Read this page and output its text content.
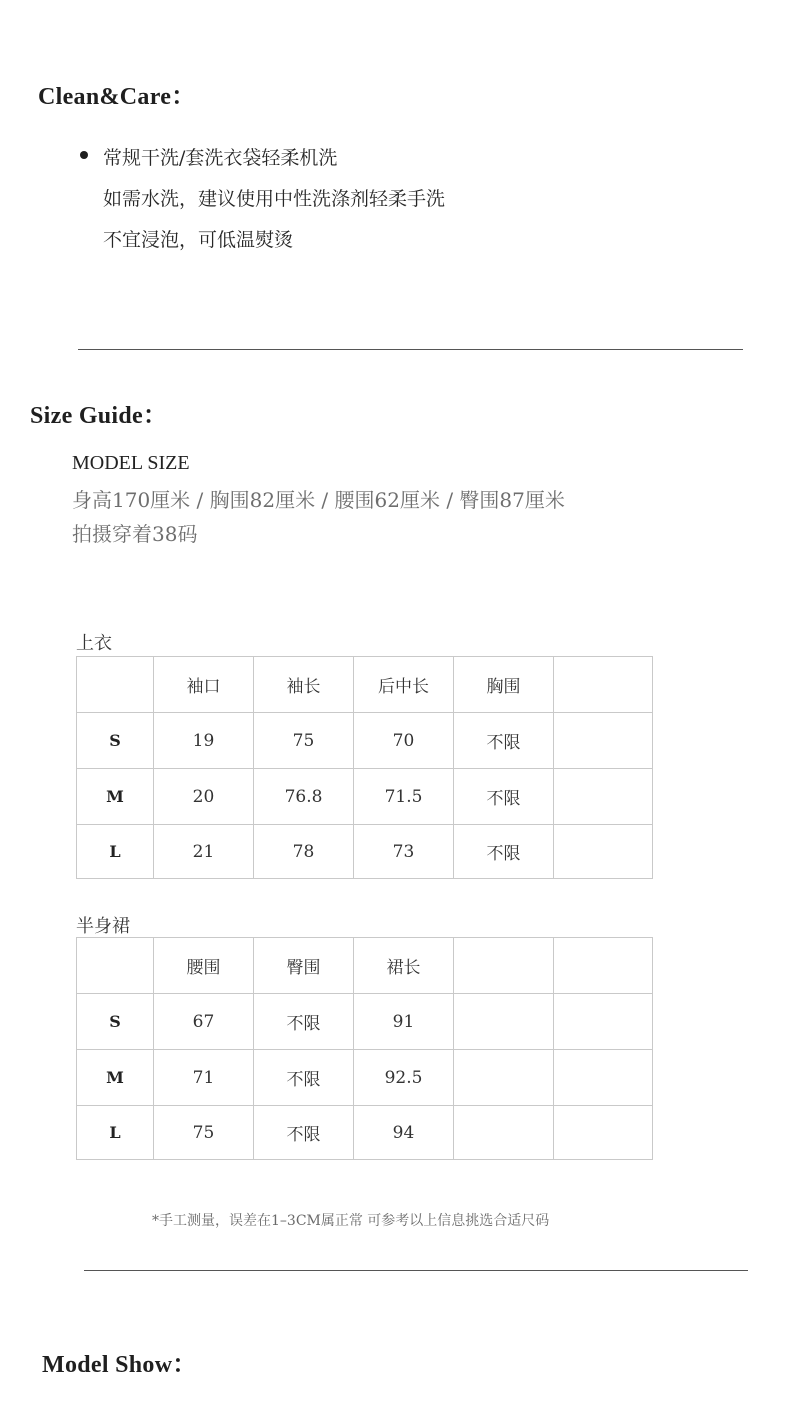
Clean&Care：
常规干洗/套洗衣袋轻柔机洗
如需水洗，建议使用中性洗涤剂轻柔手洗
不宜浸泡，可低温熨烫
Size Guide：
MODEL SIZE
身高170厘米 / 胸围82厘米 / 腰围62厘米 / 臀围87厘米
拍摄穿着38码
上衣
	袖口	袖长	后中长	胸围	
S	19	75	70	不限	
M	20	76.8	71.5	不限	
L	21	78	73	不限	
半身裙
	腰围	臀围	裙长		
S	67	不限	91		
M	71	不限	92.5		
L	75	不限	94		
*手工测量，误差在1–3CM属正常 可参考以上信息挑选合适尺码
Model Show：
